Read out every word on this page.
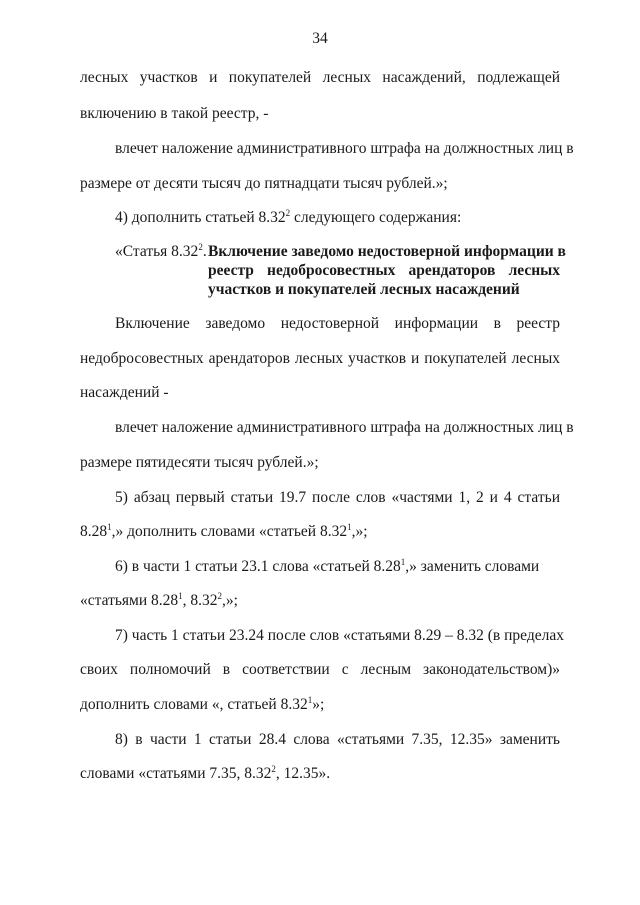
34
лесных участков и покупателей лесных насаждений, подлежащей
включению в такой реестр, -
влечет наложение административного штрафа на должностных лиц в
размере от десяти тысяч до пятнадцати тысяч рублей.»;
4) дополнить статьей 8.32$^2$ следующего содержания:
«Статья 8.32$^2$. Включение заведомо недостоверной информации в
реестр недобросовестных арендаторов лесных
участков и покупателей лесных насаждений
Включение заведомо недостоверной информации в реестр
недобросовестных арендаторов лесных участков и покупателей лесных
насаждений -
влечет наложение административного штрафа на должностных лиц в
размере пятидесяти тысяч рублей.»;
5) абзац первый статьи 19.7 после слов «частями 1, 2 и 4 статьи
8.28$^1$,» дополнить словами «статьей 8.32$^1$,»;
6) в части 1 статьи 23.1 слова «статьей 8.28$^1$,» заменить словами
«статьями 8.28$^1$, 8.32$^2$,»;
7) часть 1 статьи 23.24 после слов «статьями 8.29 – 8.32 (в пределах
своих полномочий в соответствии с лесным законодательством)»
дополнить словами «, статьей 8.32$^1$»;
8) в части 1 статьи 28.4 слова «статьями 7.35, 12.35» заменить
словами «статьями 7.35, 8.32$^2$, 12.35».
